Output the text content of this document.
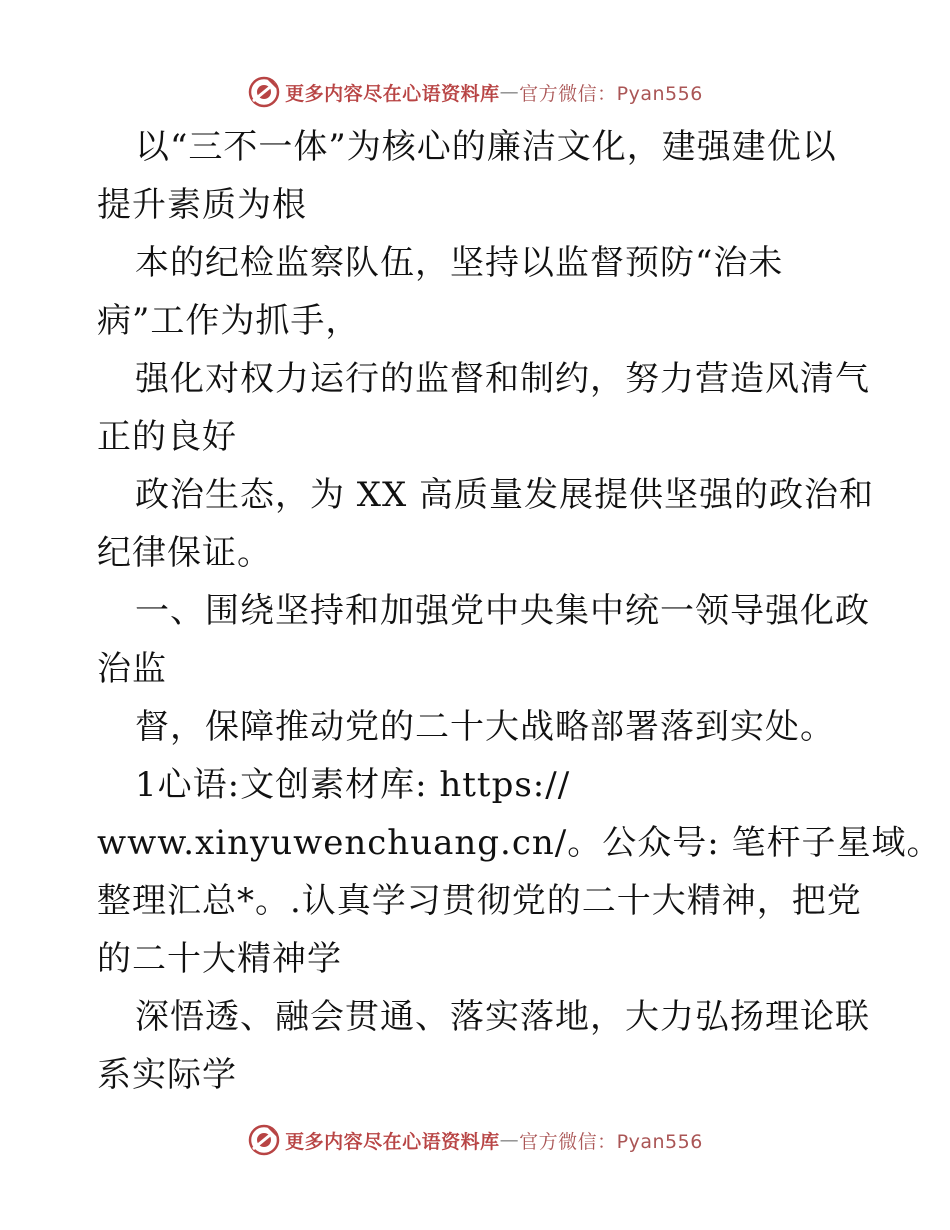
更多内容尽在心语资料库 — 官方微信：Pyan556
以“三不一体”为核心的廉洁文化，建强建优以
提升素质为根
本的纪检监察队伍，坚持以监督预防“治未
病”工作为抓手，
强化对权力运行的监督和制约，努力营造风清气
正的良好
政治生态，为 XX 高质量发展提供坚强的政治和
纪律保证。
一、围绕坚持和加强党中央集中统一领导强化政
治监
督，保障推动党的二十大战略部署落到实处。
1心语:文创素材库: https://
www.xinyuwenchuang.cn/。公众号: 笔杆子星域。
整理汇总*。.认真学习贯彻党的二十大精神，把党
的二十大精神学
深悟透、融会贯通、落实落地，大力弘扬理论联
系实际学
更多内容尽在心语资料库 — 官方微信：Pyan556
